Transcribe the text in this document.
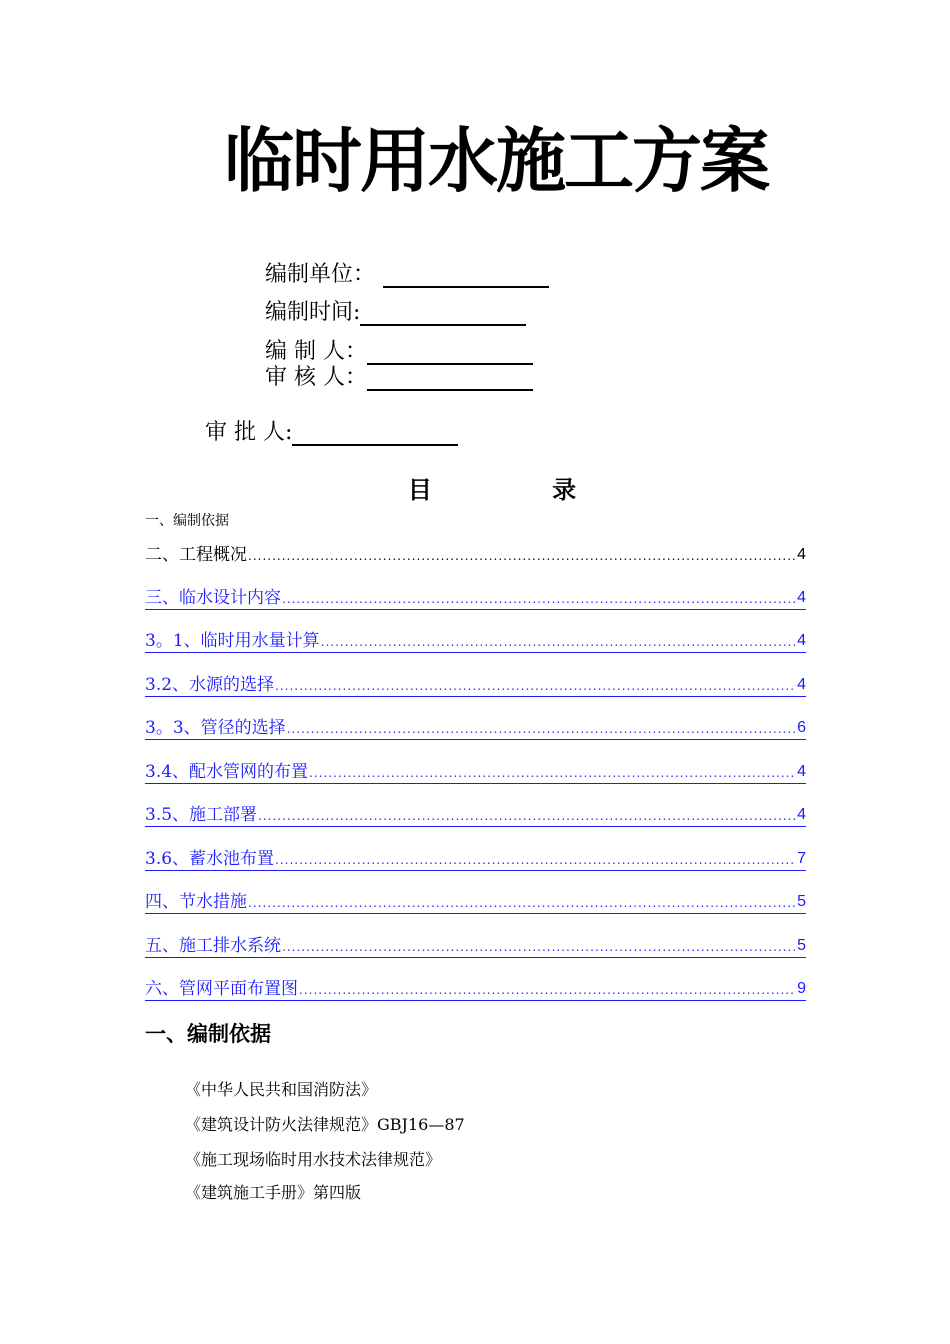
临时用水施工方案
编制单位：
编制时间:
编 制 人：
审 核 人：
审 批 人:
目 录
一、编制依据
二、工程概况 .....	4
三、临水设计内容 .....	4
3。1、临时用水量计算 .....	4
3.2、水源的选择 .....	4
3。3、管径的选择 .....	6
3.4、配水管网的布置 .....	4
3.5、施工部署 .....	4
3.6、蓄水池布置 .....	7
四、节水措施 .....	5
五、施工排水系统 .....	5
六、管网平面布置图 .....	9
一、编制依据
《中华人民共和国消防法》
《建筑设计防火法律规范》GBJ16—87
《施工现场临时用水技术法律规范》
《建筑施工手册》第四版
